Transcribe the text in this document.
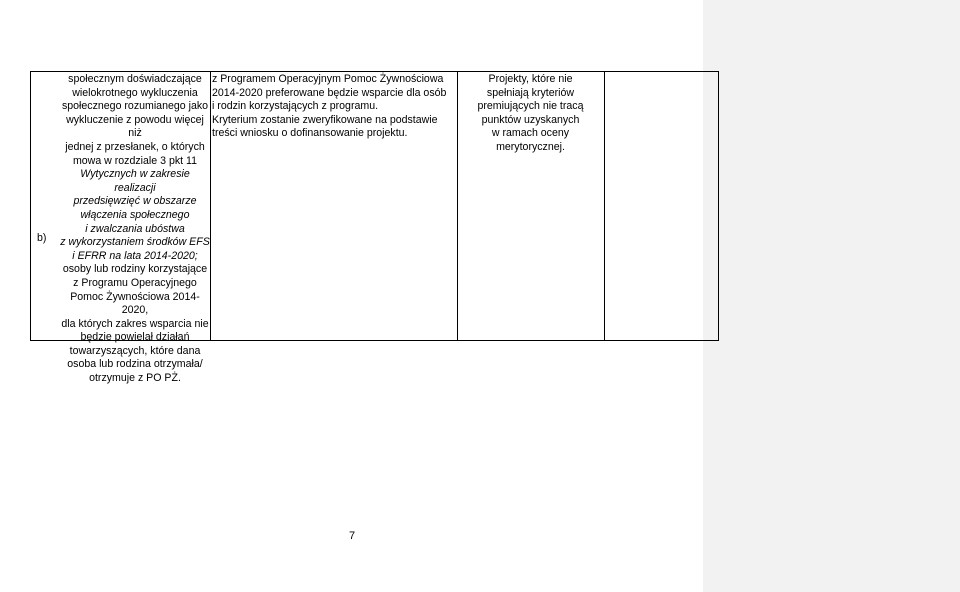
b)

społecznym doświadczające

wielokrotnego wykluczenia

społecznego rozumianego jako

wykluczenie z powodu więcej niż

jednej z przesłanek, o których

mowa w rozdziale 3 pkt 11

Wytycznych w zakresie realizacji

przedsięwzięć w obszarze

włączenia społecznego

i zwalczania ubóstwa

z wykorzystaniem środków EFS

i EFRR na lata 2014-2020;

osoby lub rodziny korzystające

z Programu Operacyjnego

Pomoc Żywnościowa 2014-2020,

dla których zakres wsparcia nie

będzie powielał działań

towarzyszących, które dana

osoba lub rodzina otrzymała/

otrzymuje z PO PŻ.

z Programem Operacyjnym Pomoc Żywnościowa

2014-2020 preferowane będzie wsparcie dla osób

i rodzin korzystających z programu.

Kryterium zostanie zweryfikowane na podstawie

treści wniosku o dofinansowanie projektu.

Projekty, które nie

spełniają kryteriów

premiujących nie tracą

punktów uzyskanych

w ramach oceny

merytorycznej.

7
